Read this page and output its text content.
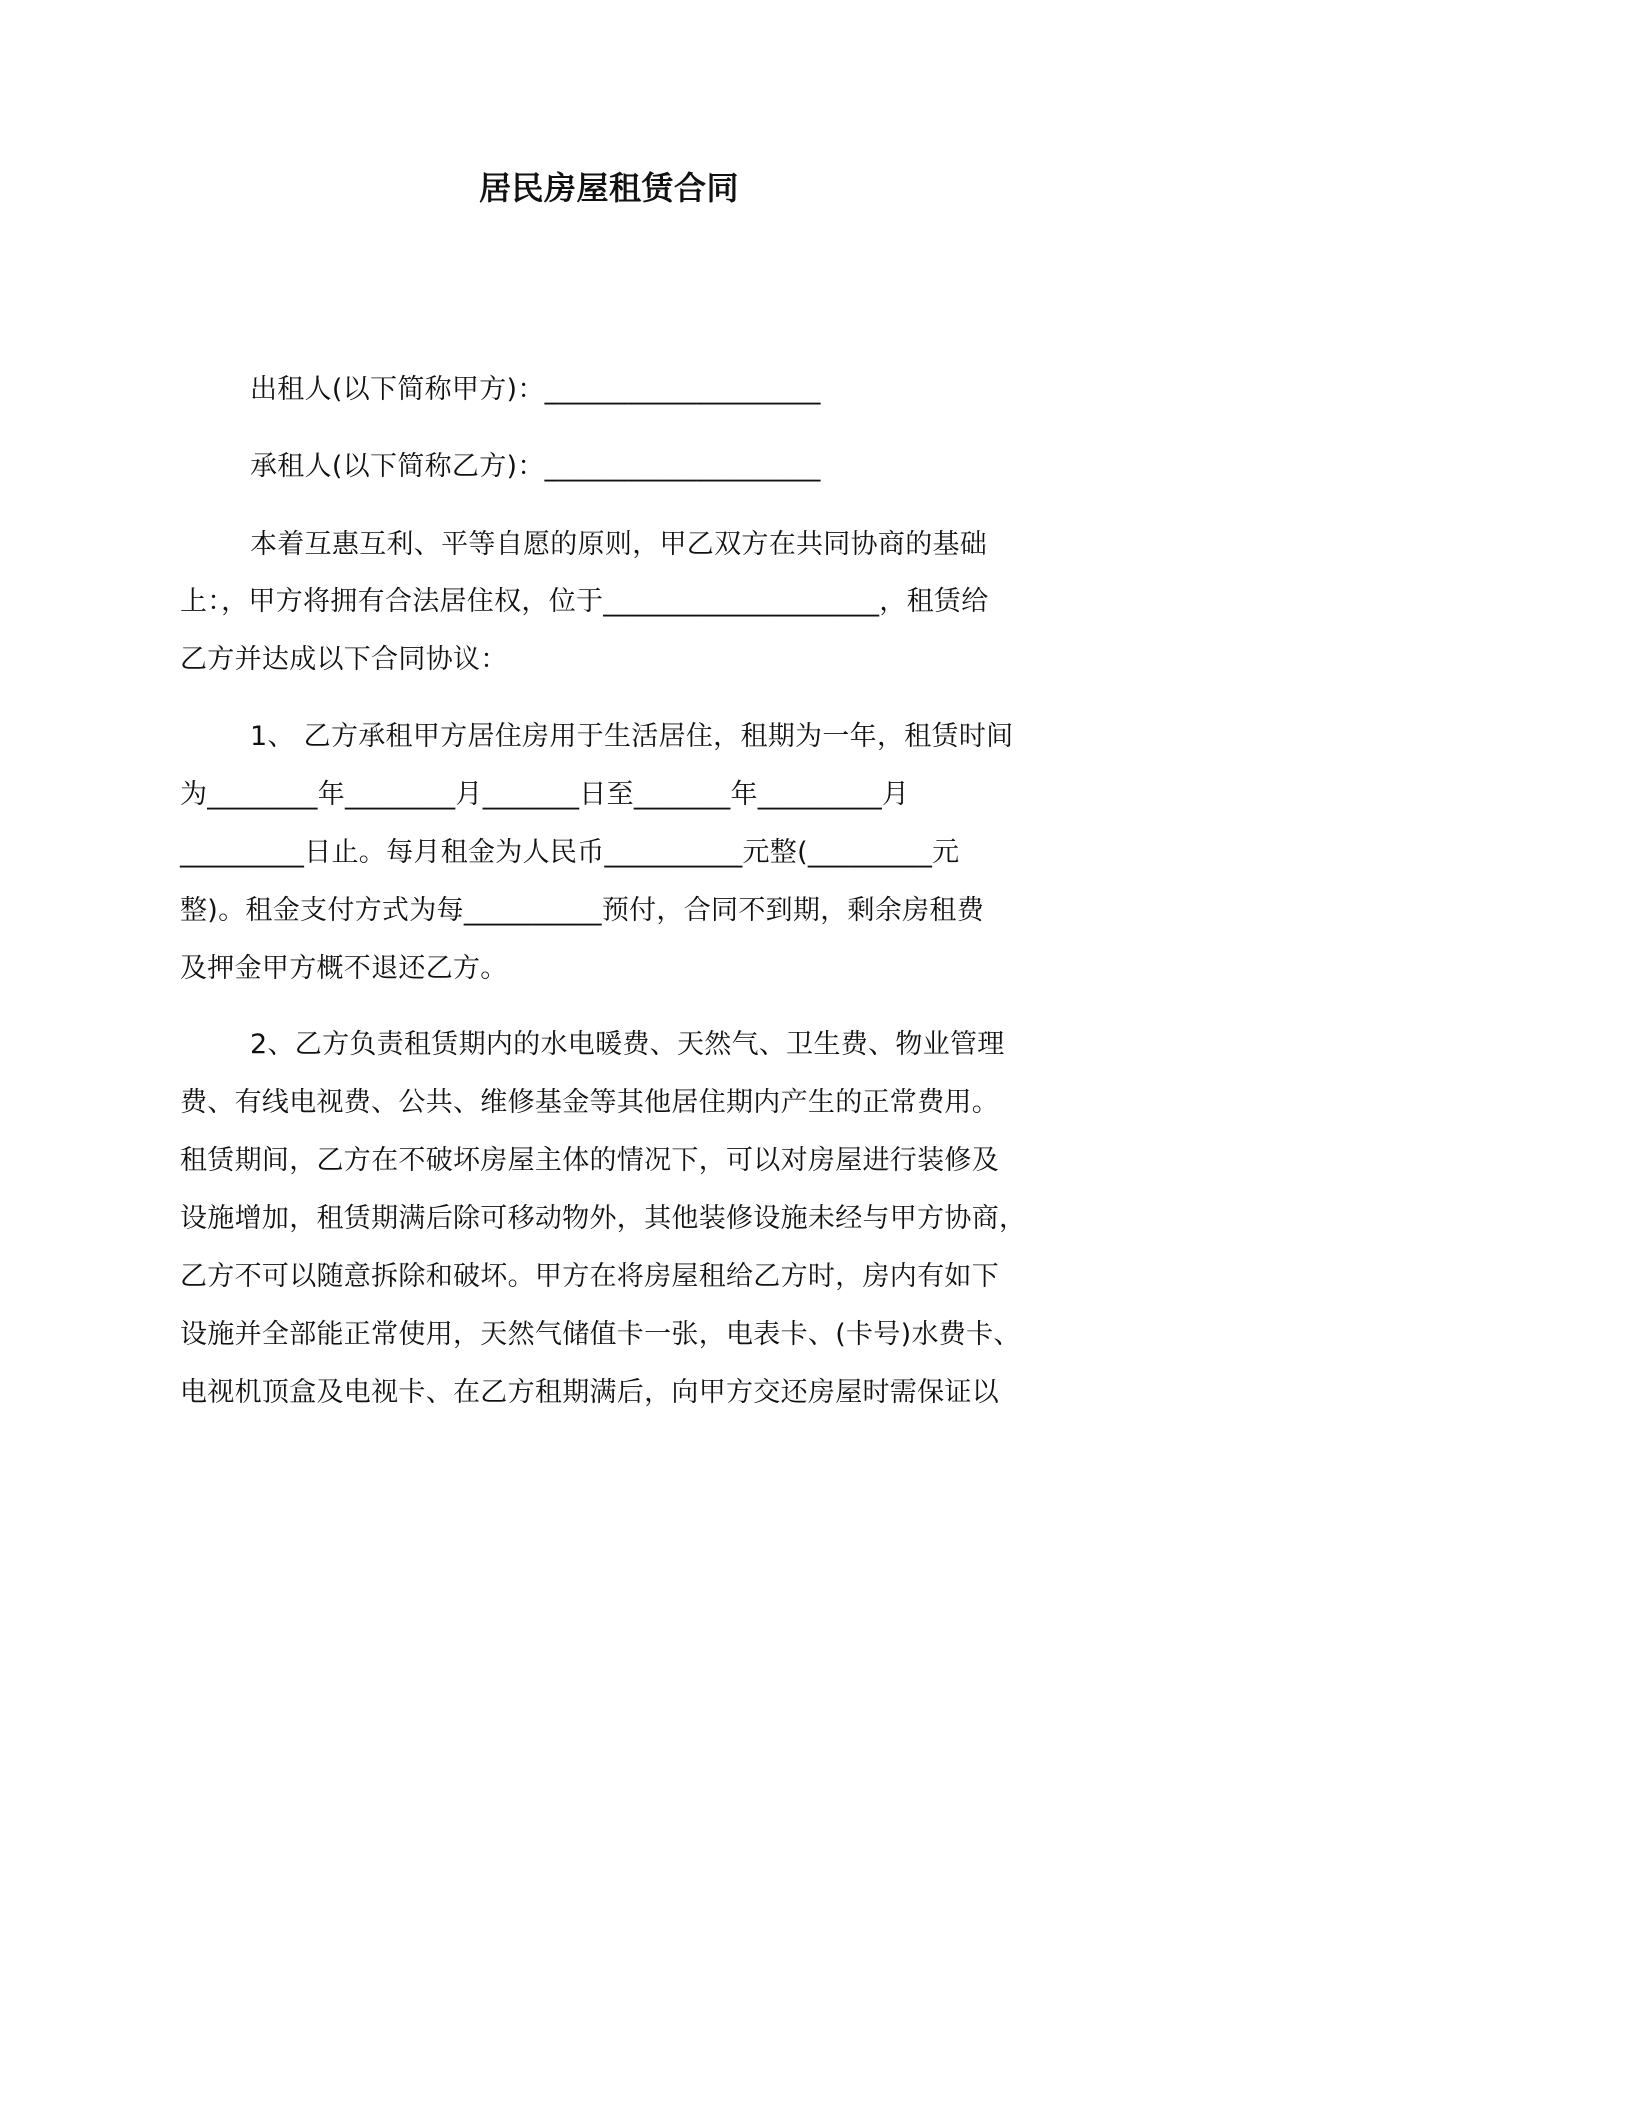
居民房屋租赁合同
出租人(以下简称甲方)：____________________
承租人(以下简称乙方)：____________________
本着互惠互利、平等自愿的原则，甲乙双方在共同协商的基础
上：，甲方将拥有合法居住权，位于____________________，租赁给
乙方并达成以下合同协议：
1、 乙方承租甲方居住房用于生活居住，租期为一年，租赁时间
为________年________月_______日至_______年_________月
_________日止。每月租金为人民币__________元整(_________元
整)。租金支付方式为每__________预付，合同不到期，剩余房租费
及押金甲方概不退还乙方。
2、乙方负责租赁期内的水电暖费、天然气、卫生费、物业管理
费、有线电视费、公共、维修基金等其他居住期内产生的正常费用。
租赁期间，乙方在不破坏房屋主体的情况下，可以对房屋进行装修及
设施增加，租赁期满后除可移动物外，其他装修设施未经与甲方协商，
乙方不可以随意拆除和破坏。甲方在将房屋租给乙方时，房内有如下
设施并全部能正常使用，天然气储值卡一张，电表卡、(卡号)水费卡、
电视机顶盒及电视卡、在乙方租期满后，向甲方交还房屋时需保证以
